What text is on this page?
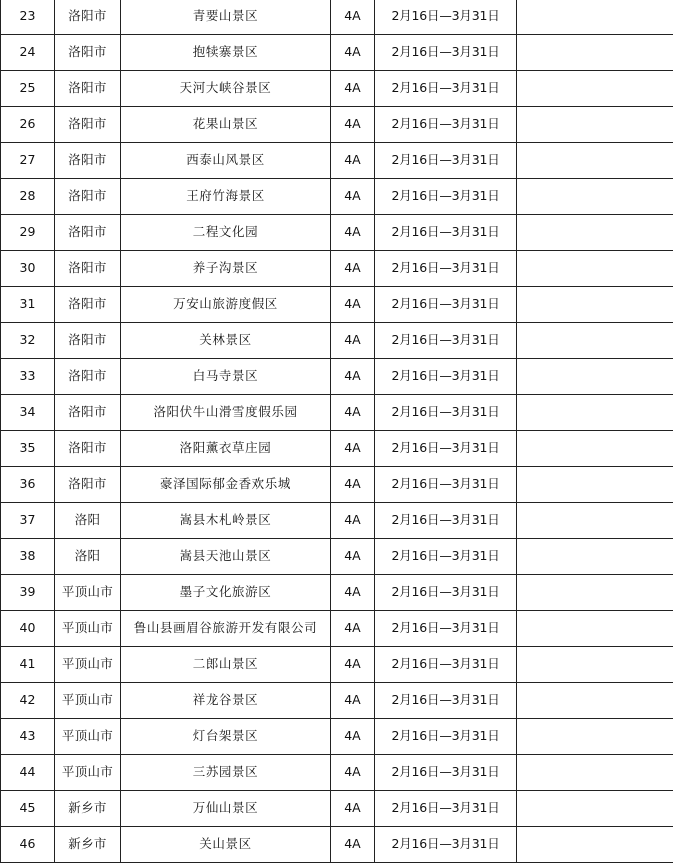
23	洛阳市	青要山景区	4A	2月16日—3月31日	
24	洛阳市	抱犊寨景区	4A	2月16日—3月31日	
25	洛阳市	天河大峡谷景区	4A	2月16日—3月31日	
26	洛阳市	花果山景区	4A	2月16日—3月31日	
27	洛阳市	西泰山风景区	4A	2月16日—3月31日	
28	洛阳市	王府竹海景区	4A	2月16日—3月31日	
29	洛阳市	二程文化园	4A	2月16日—3月31日	
30	洛阳市	养子沟景区	4A	2月16日—3月31日	
31	洛阳市	万安山旅游度假区	4A	2月16日—3月31日	
32	洛阳市	关林景区	4A	2月16日—3月31日	
33	洛阳市	白马寺景区	4A	2月16日—3月31日	
34	洛阳市	洛阳伏牛山滑雪度假乐园	4A	2月16日—3月31日	
35	洛阳市	洛阳薰衣草庄园	4A	2月16日—3月31日	
36	洛阳市	豪泽国际郁金香欢乐城	4A	2月16日—3月31日	
37	洛阳	嵩县木札岭景区	4A	2月16日—3月31日	
38	洛阳	嵩县天池山景区	4A	2月16日—3月31日	
39	平顶山市	墨子文化旅游区	4A	2月16日—3月31日	
40	平顶山市	鲁山县画眉谷旅游开发有限公司	4A	2月16日—3月31日	
41	平顶山市	二郎山景区	4A	2月16日—3月31日	
42	平顶山市	祥龙谷景区	4A	2月16日—3月31日	
43	平顶山市	灯台架景区	4A	2月16日—3月31日	
44	平顶山市	三苏园景区	4A	2月16日—3月31日	
45	新乡市	万仙山景区	4A	2月16日—3月31日	
46	新乡市	关山景区	4A	2月16日—3月31日	
